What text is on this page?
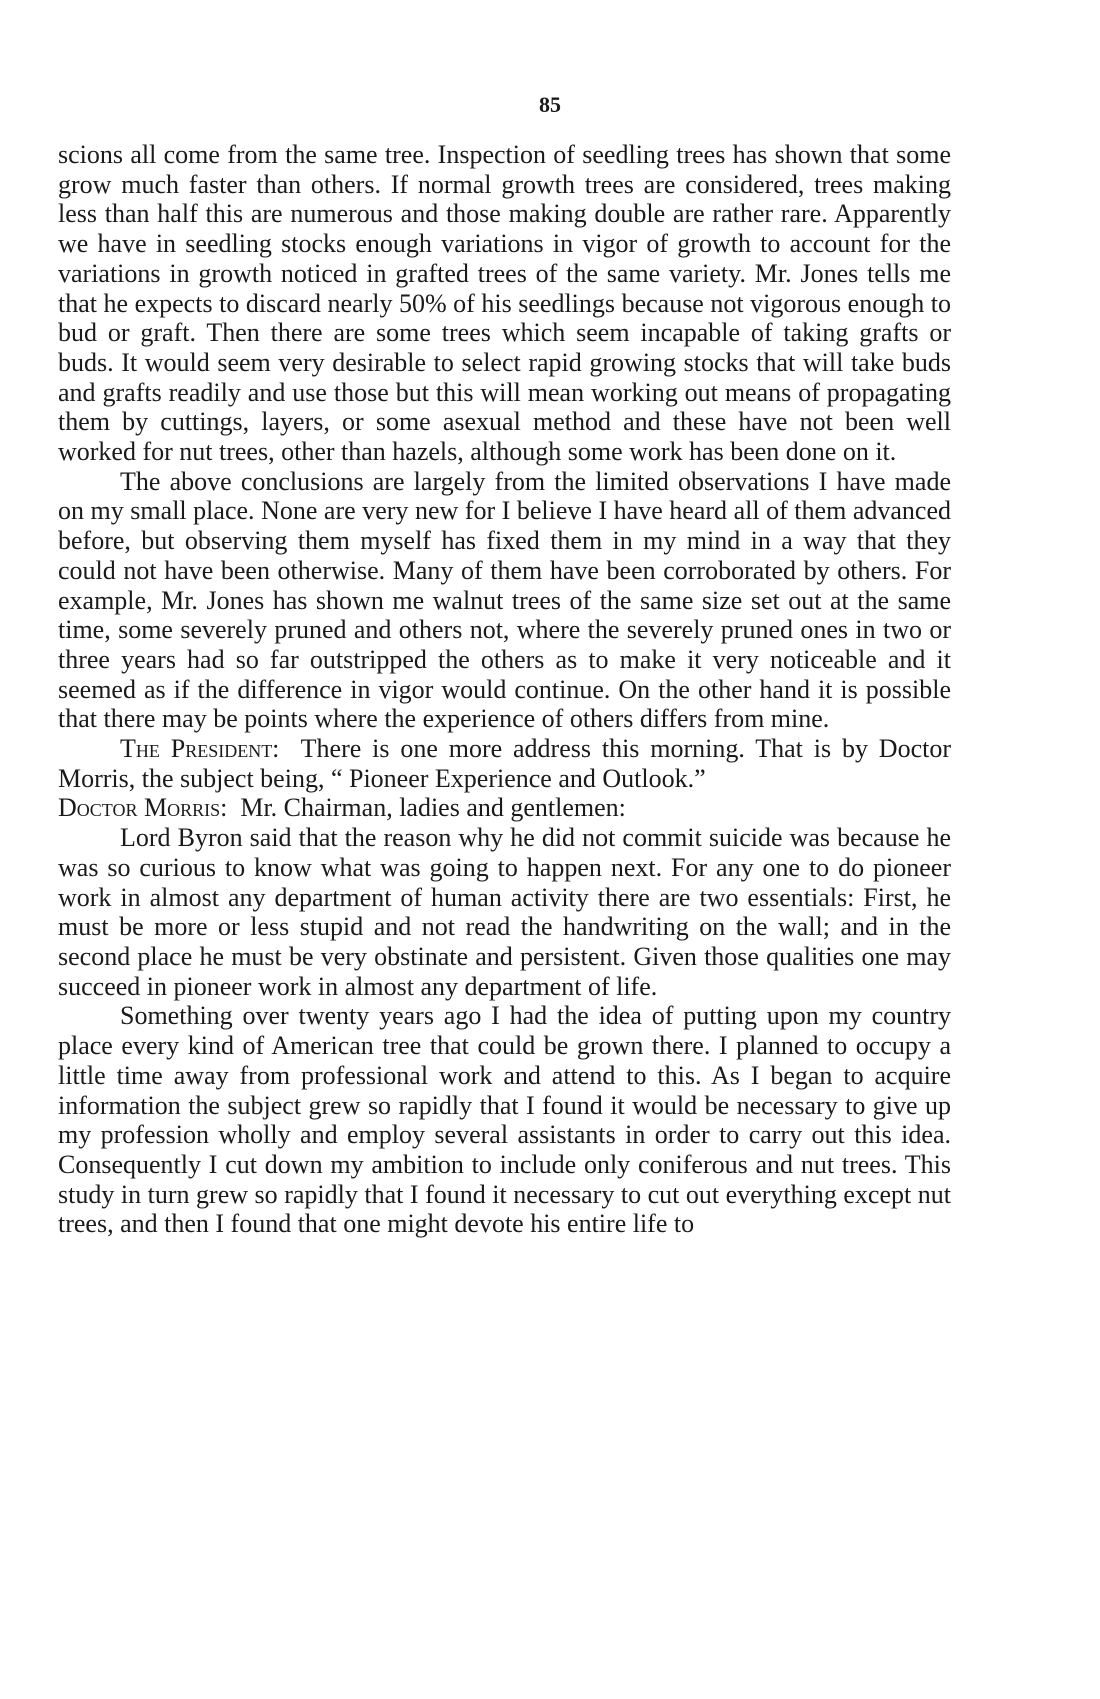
85

scions all come from the same tree. Inspection of seedling trees has shown that some grow much faster than others. If normal growth trees are considered, trees making less than half this are numerous and those making double are rather rare. Apparently we have in seedling stocks enough variations in vigor of growth to account for the variations in growth noticed in grafted trees of the same variety. Mr. Jones tells me that he expects to discard nearly 50% of his seedlings because not vigorous enough to bud or graft. Then there are some trees which seem incapable of taking grafts or buds. It would seem very desirable to select rapid growing stocks that will take buds and grafts readily and use those but this will mean working out means of propagating them by cuttings, layers, or some asexual method and these have not been well worked for nut trees, other than hazels, although some work has been done on it.

The above conclusions are largely from the limited observations I have made on my small place. None are very new for I believe I have heard all of them advanced before, but observing them myself has fixed them in my mind in a way that they could not have been otherwise. Many of them have been corroborated by others. For example, Mr. Jones has shown me walnut trees of the same size set out at the same time, some severely pruned and others not, where the severely pruned ones in two or three years had so far outstripped the others as to make it very noticeable and it seemed as if the difference in vigor would continue. On the other hand it is possible that there may be points where the experience of others differs from mine.

The President: There is one more address this morning. That is by Doctor Morris, the subject being, “ Pioneer Experience and Outlook.”

Doctor Morris: Mr. Chairman, ladies and gentlemen:

Lord Byron said that the reason why he did not commit suicide was because he was so curious to know what was going to happen next. For any one to do pioneer work in almost any department of human activity there are two essentials: First, he must be more or less stupid and not read the handwriting on the wall; and in the second place he must be very obstinate and persistent. Given those qualities one may succeed in pioneer work in almost any department of life.

Something over twenty years ago I had the idea of putting upon my country place every kind of American tree that could be grown there. I planned to occupy a little time away from professional work and attend to this. As I began to acquire information the subject grew so rapidly that I found it would be necessary to give up my profession wholly and employ several assistants in order to carry out this idea. Consequently I cut down my ambition to include only coniferous and nut trees. This study in turn grew so rapidly that I found it necessary to cut out everything except nut trees, and then I found that one might devote his entire life to
